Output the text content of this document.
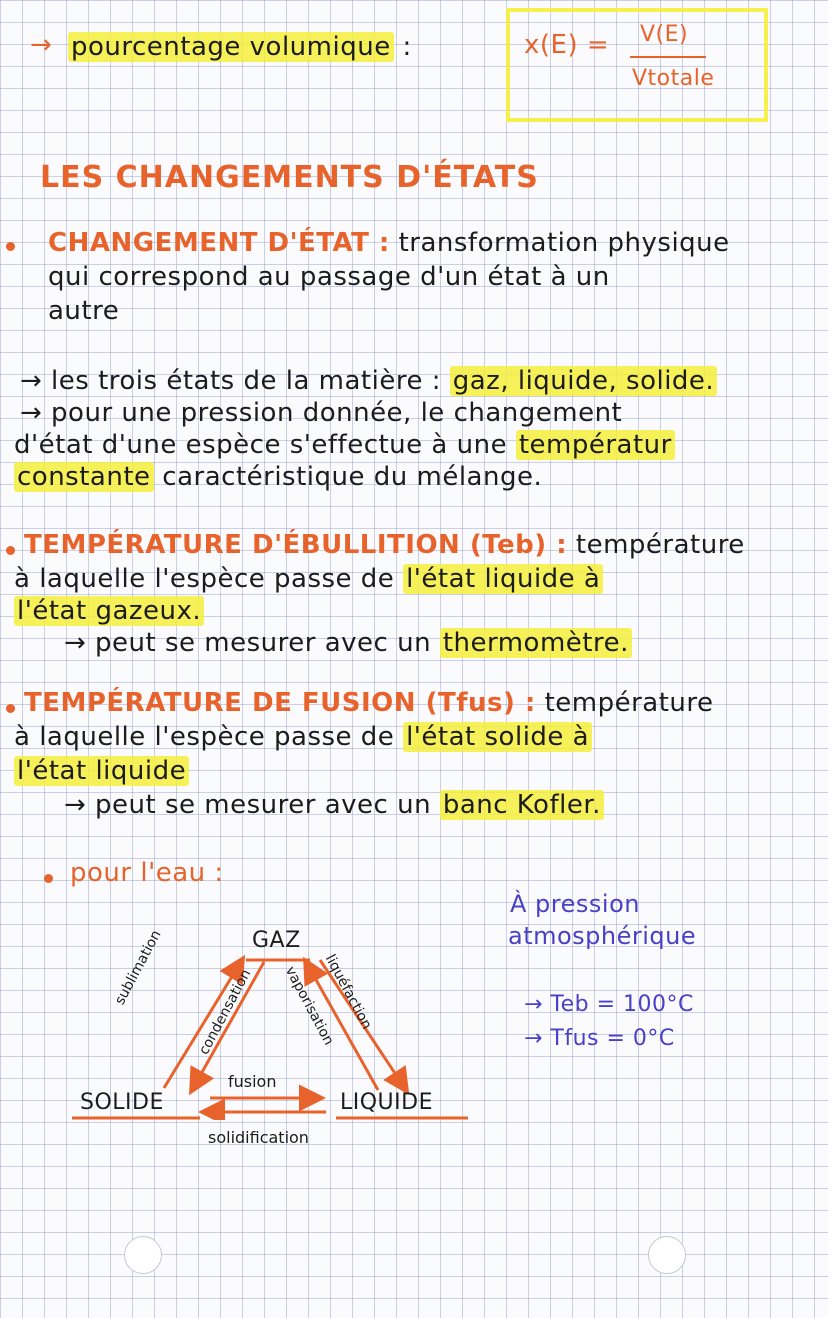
→ pourcentage volumique :	x(E) = V(E)
Vtotale
LES CHANGEMENTS D'ÉTATS
CHANGEMENT D'ÉTAT : transformation physique
qui correspond au passage d'un état à un
autre
→ les trois états de la matière : gaz, liquide, solide.
→ pour une pression donnée, le changement
d'état d'une espèce s'effectue à une températur
constante caractéristique du mélange.
TEMPÉRATURE D'ÉBULLITION (Teb) : température
à laquelle l'espèce passe de l'état liquide à
l'état gazeux.
→ peut se mesurer avec un thermomètre.
TEMPÉRATURE DE FUSION (Tfus) : température
à laquelle l'espèce passe de l'état solide à
l'état liquide
→ peut se mesurer avec un banc Kofler.
pour l'eau :
À pression
atmosphérique
→ Teb = 100°C
→ Tfus = 0°C
GAZ
SOLIDE	LIQUIDE
sublimation condensation vaporisation
liquéfaction
fusion
solidification
